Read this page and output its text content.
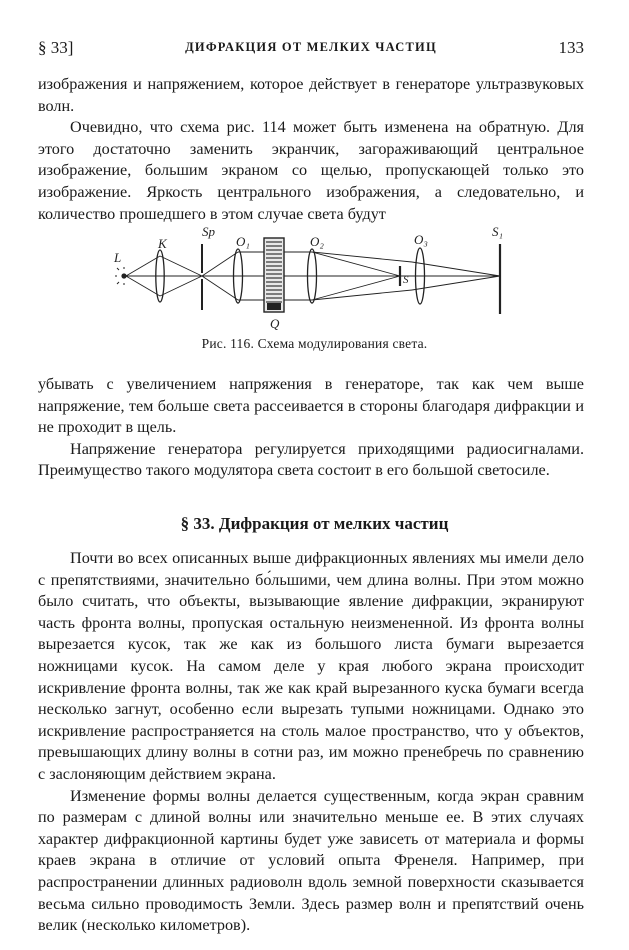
§ 33]	ДИФРАКЦИЯ ОТ МЕЛКИХ ЧАСТИЦ	133

изображения и напряжением, которое действует в генераторе ультразвуковых волн.

Очевидно, что схема рис. 114 может быть изменена на обратную. Для этого достаточно заменить экранчик, загораживающий центральное изображение, большим экраном со щелью, пропускающей только это изображение. Яркость центрального изображения, а следовательно, и количество прошедшего в этом случае света будут

L
K
Sp
O₁
Q
O₂
S
O₃
S₁
Рис. 116. Схема модулирования света.

убывать с увеличением напряжения в генераторе, так как чем выше напряжение, тем больше света рассеивается в стороны благодаря дифракции и не проходит в щель.

Напряжение генератора регулируется приходящими радиосигналами. Преимущество такого модулятора света состоит в его большой светосиле.

§ 33. Дифракция от мелких частиц

Почти во всех описанных выше дифракционных явлениях мы имели дело с препятствиями, значительно бо́льшими, чем длина волны. При этом можно было считать, что объекты, вызывающие явление дифракции, экранируют часть фронта волны, пропуская остальную неизмененной. Из фронта волны вырезается кусок, так же как из большого листа бумаги вырезается ножницами кусок. На самом деле у края любого экрана происходит искривление фронта волны, так же как край вырезанного куска бумаги всегда несколько загнут, особенно если вырезать тупыми ножницами. Однако это искривление распространяется на столь малое пространство, что у объектов, превышающих длину волны в сотни раз, им можно пренебречь по сравнению с заслоняющим действием экрана.

Изменение формы волны делается существенным, когда экран сравним по размерам с длиной волны или значительно меньше ее. В этих случаях характер дифракционной картины будет уже зависеть от материала и формы краев экрана в отличие от условий опыта Френеля. Например, при распространении длинных радиоволн вдоль земной поверхности сказывается весьма сильно проводимость Земли. Здесь размер волн и препятствий очень велик (несколько километров).
